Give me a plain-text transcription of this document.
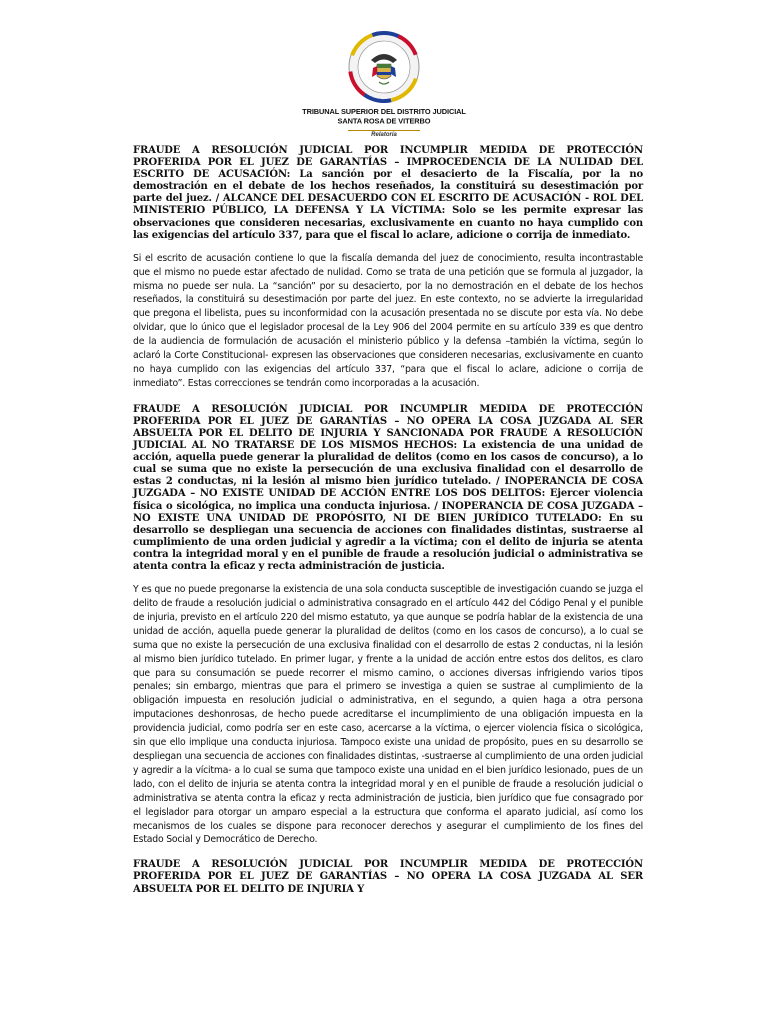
TRIBUNAL SUPERIOR DEL DISTRITO JUDICIAL
SANTA ROSA DE VITERBO
Relatoría

FRAUDE A RESOLUCIÓN JUDICIAL POR INCUMPLIR MEDIDA DE PROTECCIÓN PROFERIDA POR EL JUEZ DE GARANTÍAS – IMPROCEDENCIA DE LA NULIDAD DEL ESCRITO DE ACUSACIÓN: La sanción por el desacierto de la Fiscalía, por la no demostración en el debate de los hechos reseñados, la constituirá su desestimación por parte del juez. / ALCANCE DEL DESACUERDO CON EL ESCRITO DE ACUSACIÓN - ROL DEL MINISTERIO PÚBLICO, LA DEFENSA Y LA VÍCTIMA: Solo se les permite expresar las observaciones que consideren necesarias, exclusivamente en cuanto no haya cumplido con las exigencias del artículo 337, para que el fiscal lo aclare, adicione o corrija de inmediato.

Si el escrito de acusación contiene lo que la fiscalía demanda del juez de conocimiento, resulta incontrastable que el mismo no puede estar afectado de nulidad. Como se trata de una petición que se formula al juzgador, la misma no puede ser nula. La “sanción” por su desacierto, por la no demostración en el debate de los hechos reseñados, la constituirá su desestimación por parte del juez. En este contexto, no se advierte la irregularidad que pregona el libelista, pues su inconformidad con la acusación presentada no se discute por esta vía. No debe olvidar, que lo único que el legislador procesal de la Ley 906 del 2004 permite en su artículo 339 es que dentro de la audiencia de formulación de acusación el ministerio público y la defensa –también la víctima, según lo aclaró la Corte Constitucional- expresen las observaciones que consideren necesarias, exclusivamente en cuanto no haya cumplido con las exigencias del artículo 337, “para que el fiscal lo aclare, adicione o corrija de inmediato”. Estas correcciones se tendrán como incorporadas a la acusación.

FRAUDE A RESOLUCIÓN JUDICIAL POR INCUMPLIR MEDIDA DE PROTECCIÓN PROFERIDA POR EL JUEZ DE GARANTÍAS – NO OPERA LA COSA JUZGADA AL SER ABSUELTA POR EL DELITO DE INJURIA Y SANCIONADA POR FRAUDE A RESOLUCIÓN JUDICIAL AL NO TRATARSE DE LOS MISMOS HECHOS: La existencia de una unidad de acción, aquella puede generar la pluralidad de delitos (como en los casos de concurso), a lo cual se suma que no existe la persecución de una exclusiva finalidad con el desarrollo de estas 2 conductas, ni la lesión al mismo bien jurídico tutelado. / INOPERANCIA DE COSA JUZGADA – NO EXISTE UNIDAD DE ACCIÓN ENTRE LOS DOS DELITOS: Ejercer violencia física o sicológica, no implica una conducta injuriosa. / INOPERANCIA DE COSA JUZGADA – NO EXISTE UNA UNIDAD DE PROPÓSITO, NI DE BIEN JURÍDICO TUTELADO: En su desarrollo se despliegan una secuencia de acciones con finalidades distintas, sustraerse al cumplimiento de una orden judicial y agredir a la víctima; con el delito de injuria se atenta contra la integridad moral y en el punible de fraude a resolución judicial o administrativa se atenta contra la eficaz y recta administración de justicia.

Y es que no puede pregonarse la existencia de una sola conducta susceptible de investigación cuando se juzga el delito de fraude a resolución judicial o administrativa consagrado en el artículo 442 del Código Penal y el punible de injuria, previsto en el artículo 220 del mismo estatuto, ya que aunque se podría hablar de la existencia de una unidad de acción, aquella puede generar la pluralidad de delitos (como en los casos de concurso), a lo cual se suma que no existe la persecución de una exclusiva finalidad con el desarrollo de estas 2 conductas, ni la lesión al mismo bien jurídico tutelado. En primer lugar, y frente a la unidad de acción entre estos dos delitos, es claro que para su consumación se puede recorrer el mismo camino, o acciones diversas infrigiendo varios tipos penales; sin embargo, mientras que para el primero se investiga a quien se sustrae al cumplimiento de la obligación impuesta en resolución judicial o administrativa, en el segundo, a quien haga a otra persona imputaciones deshonrosas, de hecho puede acreditarse el incumplimiento de una obligación impuesta en la providencia judicial, como podría ser en este caso, acercarse a la víctima, o ejercer violencia física o sicológica, sin que ello implique una conducta injuriosa. Tampoco existe una unidad de propósito, pues en su desarrollo se despliegan una secuencia de acciones con finalidades distintas, -sustraerse al cumplimiento de una orden judicial y agredir a la vícitma- a lo cual se suma que tampoco existe una unidad en el bien jurídico lesionado, pues de un lado, con el delito de injuria se atenta contra la integridad moral y en el punible de fraude a resolución judicial o administrativa se atenta contra la eficaz y recta administración de justicia, bien jurídico que fue consagrado por el legislador para otorgar un amparo especial a la estructura que conforma el aparato judicial, así como los mecanismos de los cuales se dispone para reconocer derechos y asegurar el cumplimiento de los fines del Estado Social y Democrático de Derecho.

FRAUDE A RESOLUCIÓN JUDICIAL POR INCUMPLIR MEDIDA DE PROTECCIÓN PROFERIDA POR EL JUEZ DE GARANTÍAS – NO OPERA LA COSA JUZGADA AL SER ABSUELTA POR EL DELITO DE INJURIA Y
